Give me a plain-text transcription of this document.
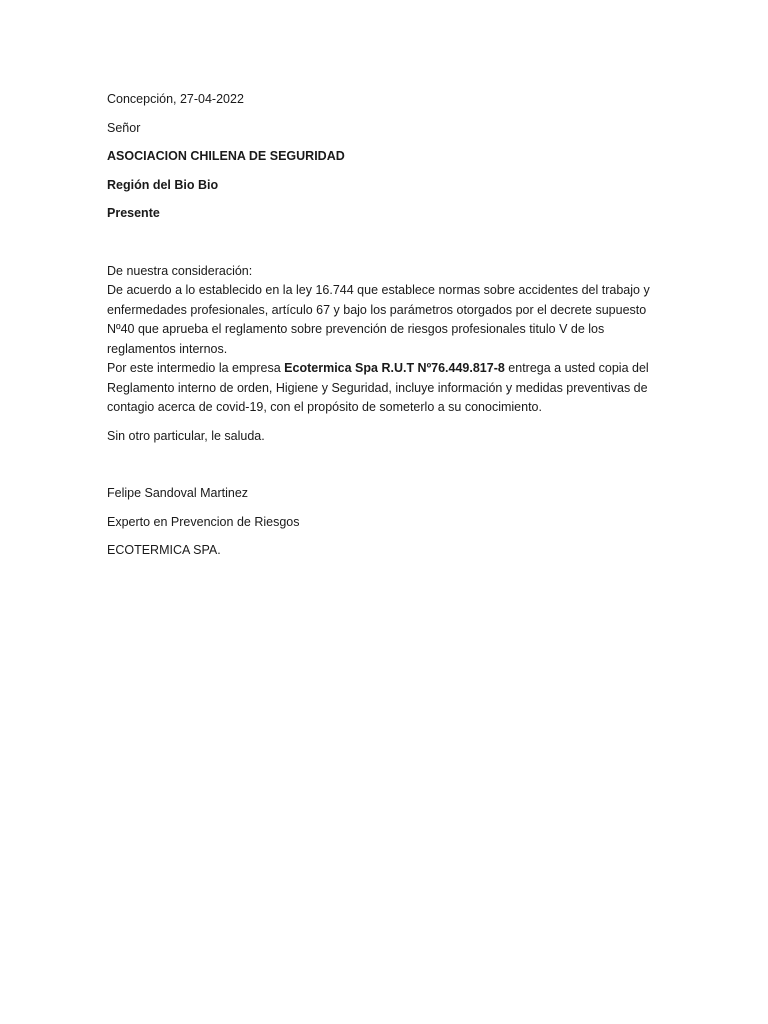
Concepción, 27-04-2022

Señor

ASOCIACION CHILENA DE SEGURIDAD

Región del Bio Bio

Presente

De nuestra consideración:

De acuerdo a lo establecido en la ley 16.744 que establece normas sobre accidentes del trabajo y enfermedades profesionales, artículo 67 y bajo los parámetros otorgados por el decrete supuesto Nº40 que aprueba el reglamento sobre prevención de riesgos profesionales titulo V de los reglamentos internos.

Por este intermedio la empresa Ecotermica Spa R.U.T Nº76.449.817-8 entrega a usted copia del Reglamento interno de orden, Higiene y Seguridad, incluye información y medidas preventivas de contagio acerca de covid-19, con el propósito de someterlo a su conocimiento.

Sin otro particular, le saluda.

Felipe Sandoval Martinez

Experto en Prevencion de Riesgos

ECOTERMICA SPA.
